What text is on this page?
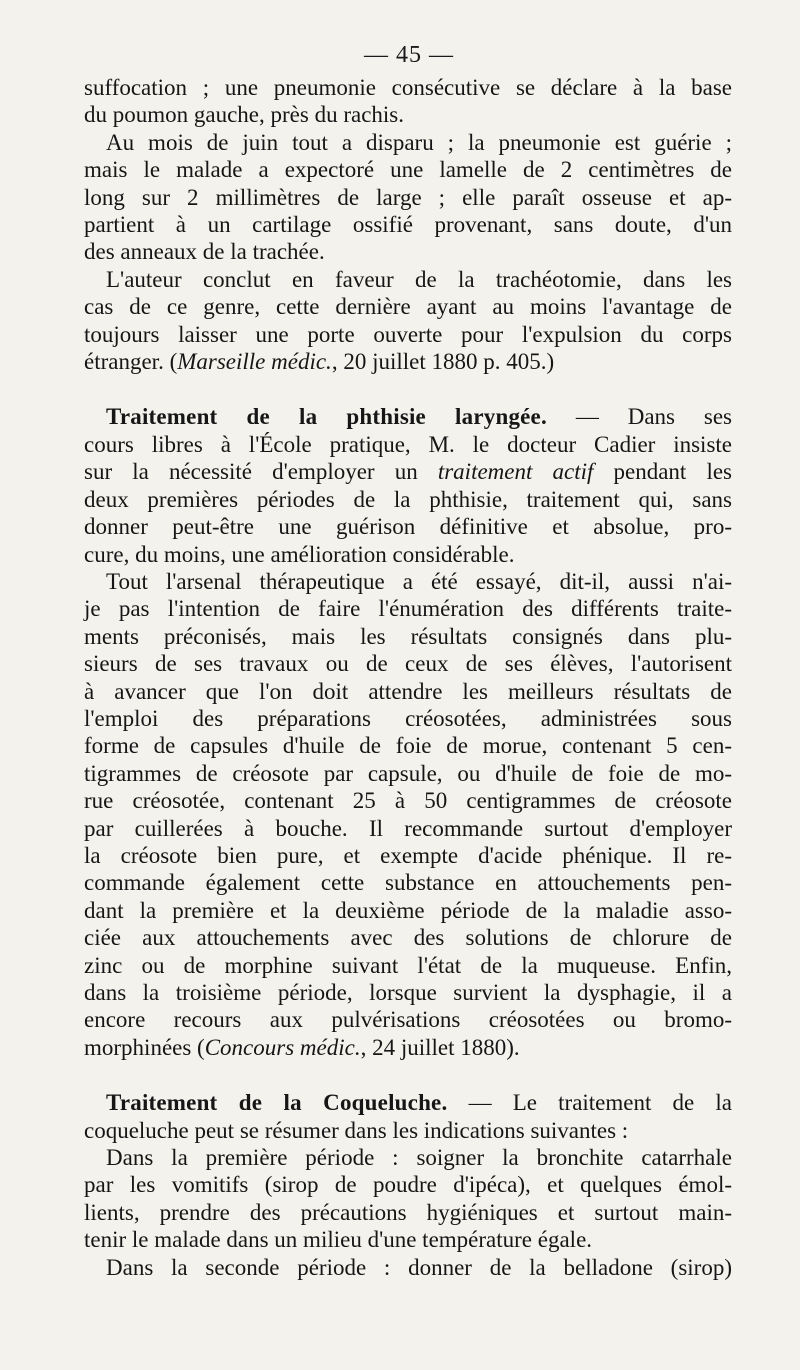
— 45 —
suffocation ; une pneumonie consécutive se déclare à la base
du poumon gauche, près du rachis.
Au mois de juin tout a disparu ; la pneumonie est guérie ;
mais le malade a expectoré une lamelle de 2 centimètres de
long sur 2 millimètres de large ; elle paraît osseuse et ap-
partient à un cartilage ossifié provenant, sans doute, d'un
des anneaux de la trachée.
L'auteur conclut en faveur de la trachéotomie, dans les
cas de ce genre, cette dernière ayant au moins l'avantage de
toujours laisser une porte ouverte pour l'expulsion du corps
étranger. (Marseille médic., 20 juillet 1880 p. 405.)
Traitement de la phthisie laryngée. — Dans ses
cours libres à l'École pratique, M. le docteur Cadier insiste
sur la nécessité d'employer un traitement actif pendant les
deux premières périodes de la phthisie, traitement qui, sans
donner peut-être une guérison définitive et absolue, pro-
cure, du moins, une amélioration considérable.
Tout l'arsenal thérapeutique a été essayé, dit-il, aussi n'ai-
je pas l'intention de faire l'énumération des différents traite-
ments préconisés, mais les résultats consignés dans plu-
sieurs de ses travaux ou de ceux de ses élèves, l'autorisent
à avancer que l'on doit attendre les meilleurs résultats de
l'emploi des préparations créosotées, administrées sous
forme de capsules d'huile de foie de morue, contenant 5 cen-
tigrammes de créosote par capsule, ou d'huile de foie de mo-
rue créosotée, contenant 25 à 50 centigrammes de créosote
par cuillerées à bouche. Il recommande surtout d'employer
la créosote bien pure, et exempte d'acide phénique. Il re-
commande également cette substance en attouchements pen-
dant la première et la deuxième période de la maladie asso-
ciée aux attouchements avec des solutions de chlorure de
zinc ou de morphine suivant l'état de la muqueuse. Enfin,
dans la troisième période, lorsque survient la dysphagie, il a
encore recours aux pulvérisations créosotées ou bromo-
morphinées (Concours médic., 24 juillet 1880).
Traitement de la Coqueluche. — Le traitement de la
coqueluche peut se résumer dans les indications suivantes :
Dans la première période : soigner la bronchite catarrhale
par les vomitifs (sirop de poudre d'ipéca), et quelques émol-
lients, prendre des précautions hygiéniques et surtout main-
tenir le malade dans un milieu d'une température égale.
Dans la seconde période : donner de la belladone (sirop)
